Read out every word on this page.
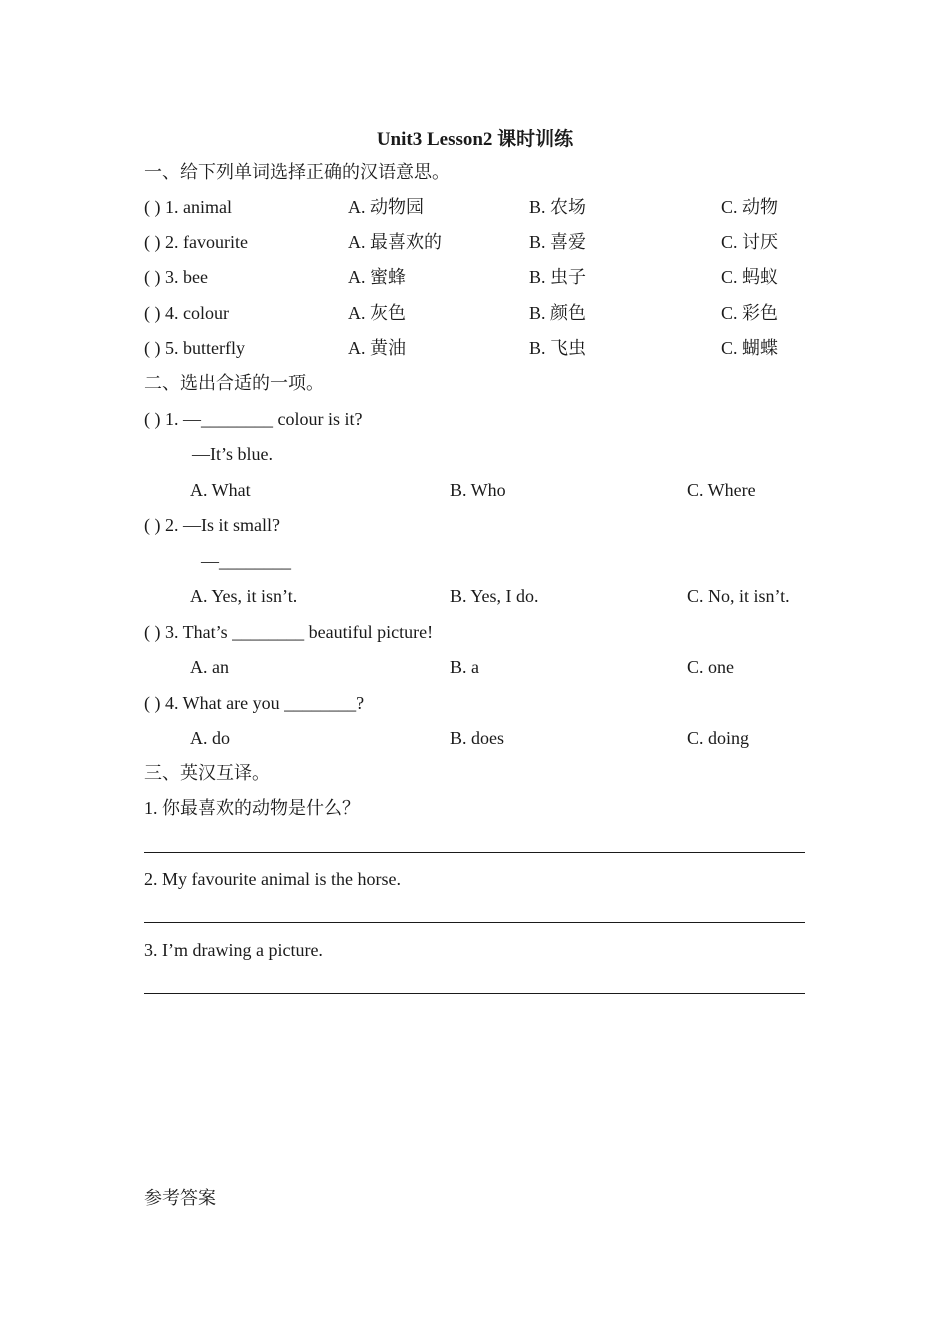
Unit3 Lesson2 课时训练
一、给下列单词选择正确的汉语意思。
( ) 1. animal	A. 动物园	B. 农场	C. 动物
( ) 2. favourite	A. 最喜欢的	B. 喜爱	C. 讨厌
( ) 3. bee	A. 蜜蜂	B. 虫子	C. 蚂蚁
( ) 4. colour	A. 灰色	B. 颜色	C. 彩色
( ) 5. butterfly	A. 黄油	B. 飞虫	C. 蝴蝶
二、选出合适的一项。
( ) 1. —________ colour is it?
—It’s blue.
A. What	B. Who	C. Where
( ) 2. —Is it small?
—________
A. Yes, it isn’t.	B. Yes, I do.	C. No, it isn’t.
( ) 3. That’s ________ beautiful picture!
A. an	B. a	C. one
( ) 4. What are you ________?
A. do	B. does	C. doing
三、英汉互译。
1. 你最喜欢的动物是什么？
2. My favourite animal is the horse.
3. I’m drawing a picture.
参考答案
